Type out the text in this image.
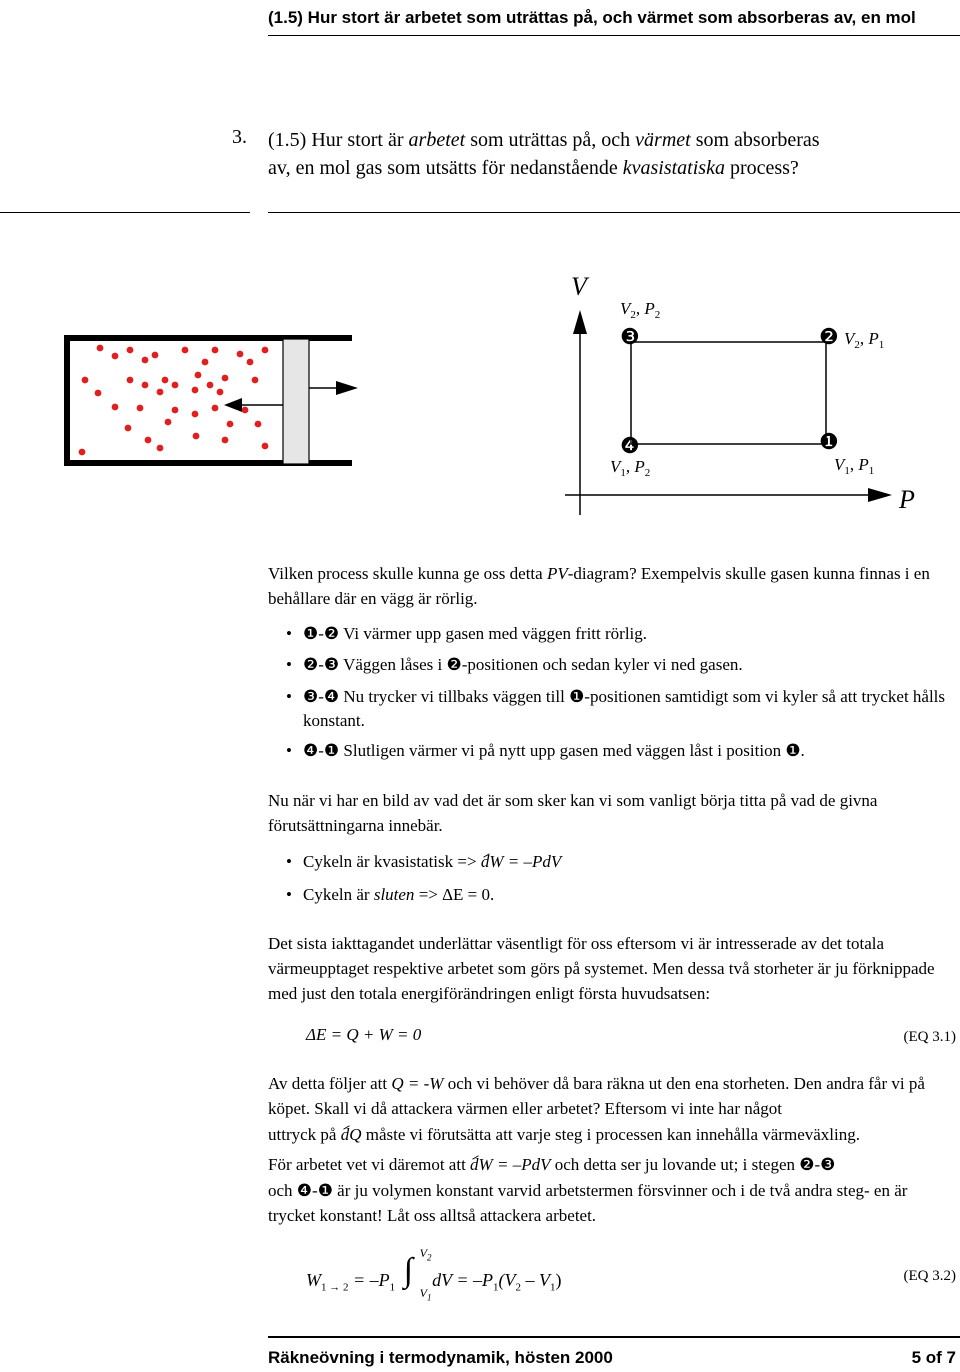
(1.5) Hur stort är arbetet som uträttas på, och värmet som absorberas av, en mol
3. (1.5) Hur stort är arbetet som uträttas på, och värmet som absorberas av, en mol gas som utsätts för nedanstående kvasistatiska process?
V
P
❸	❷
❹	❶
$V_2$, $P_2$
$V_2$, $P_1$
$V_1$, $P_2$	$V_1$, $P_1$
Vilken process skulle kunna ge oss detta PV-diagram? Exempelvis skulle gasen kunna finnas i en behållare där en vägg är rörlig.
• ❶-❷ Vi värmer upp gasen med väggen fritt rörlig.
• ❷-❸ Väggen låses i ❷-positionen och sedan kyler vi ned gasen.
• ❸-❹ Nu trycker vi tillbaks väggen till ❶-positionen samtidigt som vi kyler så att trycket hålls konstant.
• ❹-❶ Slutligen värmer vi på nytt upp gasen med väggen låst i position ❶.
Nu när vi har en bild av vad det är som sker kan vi som vanligt börja titta på vad de givna förutsättningarna innebär.
• Cykeln är kvasistatisk => dW = –PdV
• Cykeln är sluten => ΔE = 0.
Det sista iakttagandet underlättar väsentligt för oss eftersom vi är intresserade av det totala värmeupptaget respektive arbetet som görs på systemet. Men dessa två storheter är ju förknippade med just den totala energiförändringen enligt första huvudsatsen:
ΔE = Q + W = 0	(EQ 3.1)
Av detta följer att Q = -W och vi behöver då bara räkna ut den ena storheten. Den andra får vi på köpet. Skall vi då attackera värmen eller arbetet? Eftersom vi inte har något
uttryck på dQ måste vi förutsätta att varje steg i processen kan innehålla värmeväxling.
För arbetet vet vi däremot att dW = –PdV och detta ser ju lovande ut; i stegen ❷-❸
och ❹-❶ är ju volymen konstant varvid arbetstermen försvinner och i de två andra steg- en är trycket konstant! Låt oss alltså attackera arbetet.
$W_{1 \to 2} = -P_1$ ∫ $V_2$
$V_1$
dV = $-P_1(V_2 - V_1)$	(EQ 3.2)
Räkneövning i termodynamik, hösten 2000	5 of 7
